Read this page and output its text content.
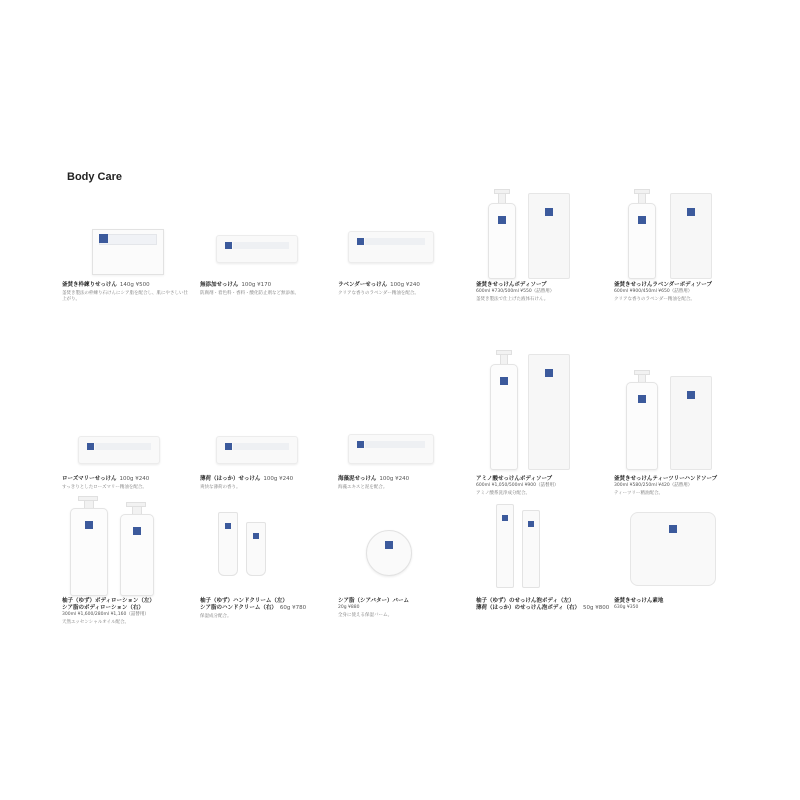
Body Care
釜焚き枠練りせっけん 140g ¥500
釜焚き製法の枠練り石けんにシア脂を配合し、肌にやさしい仕上がり。
無添加せっけん 100g ¥170
防腐剤・着色料・香料・酸化防止剤など無添加。
ラベンダーせっけん 100g ¥240
クリアな香りのラベンダー精油を配合。
釜焚きせっけんボディソープ
600ml ¥730/500ml ¥550（詰替用）
釜焚き製法で仕上げた液体石けん。
釜焚きせっけんラベンダーボディソープ
600ml ¥900/450ml ¥650（詰替用）
クリアな香りのラベンダー精油を配合。
ローズマリーせっけん 100g ¥240
すっきりとしたローズマリー精油を配合。
薄荷（はっか）せっけん 100g ¥240
爽快な薄荷の香り。
海藻泥せっけん 100g ¥240
海藻エキスと泥を配合。
アミノ酸せっけんボディソープ
600ml ¥1,050/500ml ¥900（詰替用）
アミノ酸系洗浄成分配合。
釜焚きせっけんティーツリーハンドソープ
300ml ¥580/250ml ¥420（詰替用）
ティーツリー精油配合。
柚子（ゆず）ボディローション（左）
シア脂のボディローション（右）
300ml ¥1,600/280ml ¥1,160（詰替用）
天然エッセンシャルオイル配合。
柚子（ゆず）ハンドクリーム（左）
シア脂のハンドクリーム（右） 60g ¥780
保湿成分配合。
シア脂（シアバター）バーム
20g ¥880
全身に使える保湿バーム。
柚子（ゆず）のせっけん泡ボディ（左）
薄荷（はっか）のせっけん泡ボディ（右） 50g ¥800
釜焚きせっけん素地
630g ¥350
